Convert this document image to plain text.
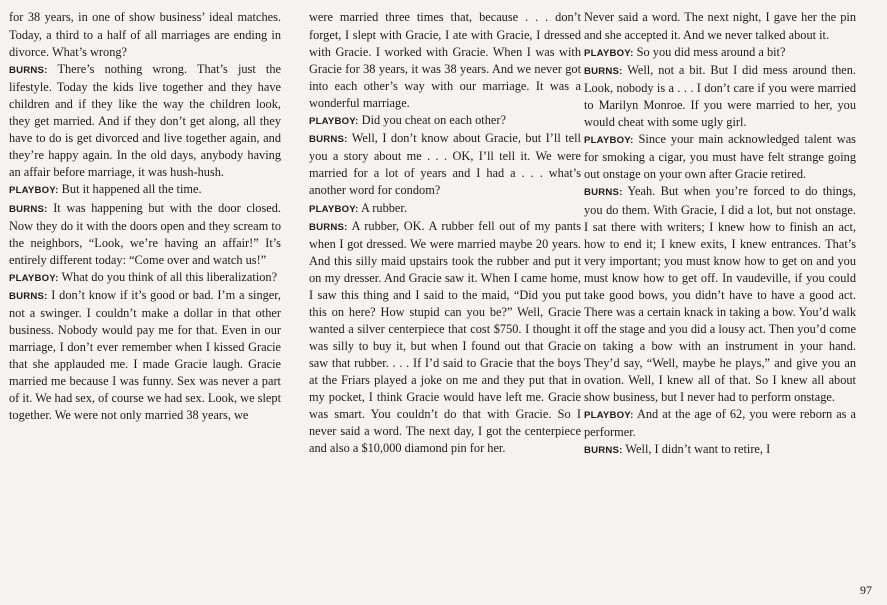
for 38 years, in one of show business’ ideal matches. Today, a third to a half of all marriages are ending in divorce. What’s wrong?

BURNS: There’s nothing wrong. That’s just the lifestyle. Today the kids live together and they have children and if they like the way the children look, they get married. And if they don’t get along, all they have to do is get divorced and live together again, and they’re happy again. In the old days, anybody having an affair before marriage, it was hush-hush.

PLAYBOY: But it happened all the time.

BURNS: It was happening but with the door closed. Now they do it with the doors open and they scream to the neighbors, “Look, we’re having an affair!” It’s entirely different today: “Come over and watch us!”

PLAYBOY: What do you think of all this liberalization?

BURNS: I don’t know if it’s good or bad. I’m a singer, not a swinger. I couldn’t make a dollar in that other business. Nobody would pay me for that. Even in our marriage, I don’t ever remember when I kissed Gracie that she applauded me. I made Gracie laugh. Gracie married me because I was funny. Sex was never a part of it. We had sex, of course we had sex. Look, we slept together. We were not only married 38 years, we

were married three times that, because . . . don’t forget, I slept with Gracie, I ate with Gracie, I dressed with Gracie. I worked with Gracie. When I was with Gracie for 38 years, it was 38 years. And we never got into each other’s way with our marriage. It was a wonderful marriage.

PLAYBOY: Did you cheat on each other?

BURNS: Well, I don’t know about Gracie, but I’ll tell you a story about me . . . OK, I’ll tell it. We were married for a lot of years and I had a . . . what’s another word for condom?

PLAYBOY: A rubber.

BURNS: A rubber, OK. A rubber fell out of my pants when I got dressed. We were married maybe 20 years. And this silly maid upstairs took the rubber and put it on my dresser. And Gracie saw it. When I came home, I saw this thing and I said to the maid, “Did you put this on here? How stupid can you be?” Well, Gracie wanted a silver centerpiece that cost $750. I thought it was silly to buy it, but when I found out that Gracie saw that rubber. . . . If I’d said to Gracie that the boys at the Friars played a joke on me and they put that in my pocket, I think Gracie would have left me. Gracie was smart. You couldn’t do that with Gracie. So I never said a word. The next day, I got the centerpiece and also a $10,000 diamond pin for her.

Never said a word. The next night, I gave her the pin and she accepted it. And we never talked about it.

PLAYBOY: So you did mess around a bit?

BURNS: Well, not a bit. But I did mess around then. Look, nobody is a . . . I don’t care if you were married to Marilyn Monroe. If you were married to her, you would cheat with some ugly girl.

PLAYBOY: Since your main acknowledged talent was for smoking a cigar, you must have felt strange going out onstage on your own after Gracie retired.

BURNS: Yeah. But when you’re forced to do things, you do them. With Gracie, I did a lot, but not onstage. I sat there with writers; I knew how to finish an act, how to end it; I knew exits, I knew entrances. That’s very important; you must know how to get on and you must know how to get off. In vaudeville, if you could take good bows, you didn’t have to have a good act. There was a certain knack in taking a bow. You’d walk off the stage and you did a lousy act. Then you’d come on taking a bow with an instrument in your hand. They’d say, “Well, maybe he plays,” and give you an ovation. Well, I knew all of that. So I knew all about show business, but I never had to perform onstage.

PLAYBOY: And at the age of 62, you were reborn as a performer.

BURNS: Well, I didn’t want to retire, I

97
